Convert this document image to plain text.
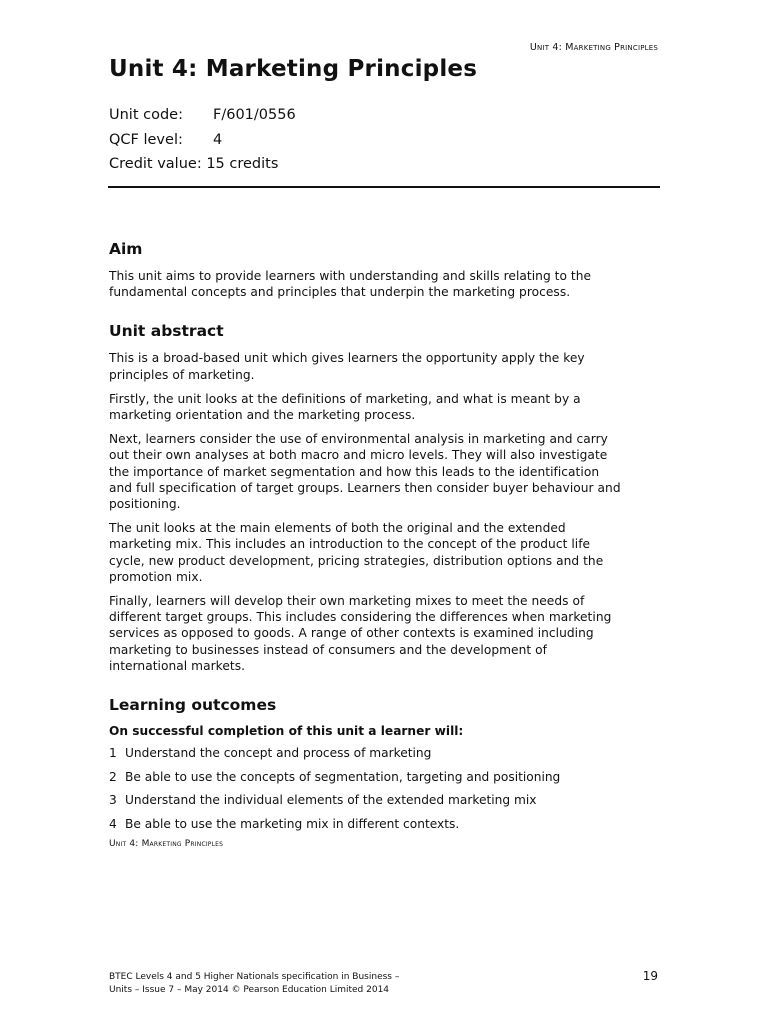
Unit 4: Marketing Principles
Unit 4: Marketing Principles
Unit code:	F/601/0556
QCF level:	4
Credit value:
15 credits
Aim

This unit aims to provide learners with understanding and skills relating to the
fundamental concepts and principles that underpin the marketing process.

Unit abstract

This is a broad-based unit which gives learners the opportunity apply the key
principles of marketing.

Firstly, the unit looks at the definitions of marketing, and what is meant by a
marketing orientation and the marketing process.

Next, learners consider the use of environmental analysis in marketing and carry
out their own analyses at both macro and micro levels. They will also investigate
the importance of market segmentation and how this leads to the identification
and full specification of target groups. Learners then consider buyer behaviour and
positioning.

The unit looks at the main elements of both the original and the extended
marketing mix. This includes an introduction to the concept of the product life
cycle, new product development, pricing strategies, distribution options and the
promotion mix.

Finally, learners will develop their own marketing mixes to meet the needs of
different target groups. This includes considering the differences when marketing
services as opposed to goods. A range of other contexts is examined including
marketing to businesses instead of consumers and the development of
international markets.

Learning outcomes

On successful completion of this unit a learner will:

1 Understand the concept and process of marketing
2 Be able to use the concepts of segmentation, targeting and positioning
3 Understand the individual elements of the extended marketing mix
4 Be able to use the marketing mix in different contexts.
Unit 4: Marketing Principles
BTEC Levels 4 and 5 Higher Nationals specification in Business –
Units – Issue 7 – May 2014 © Pearson Education Limited 2014
19
